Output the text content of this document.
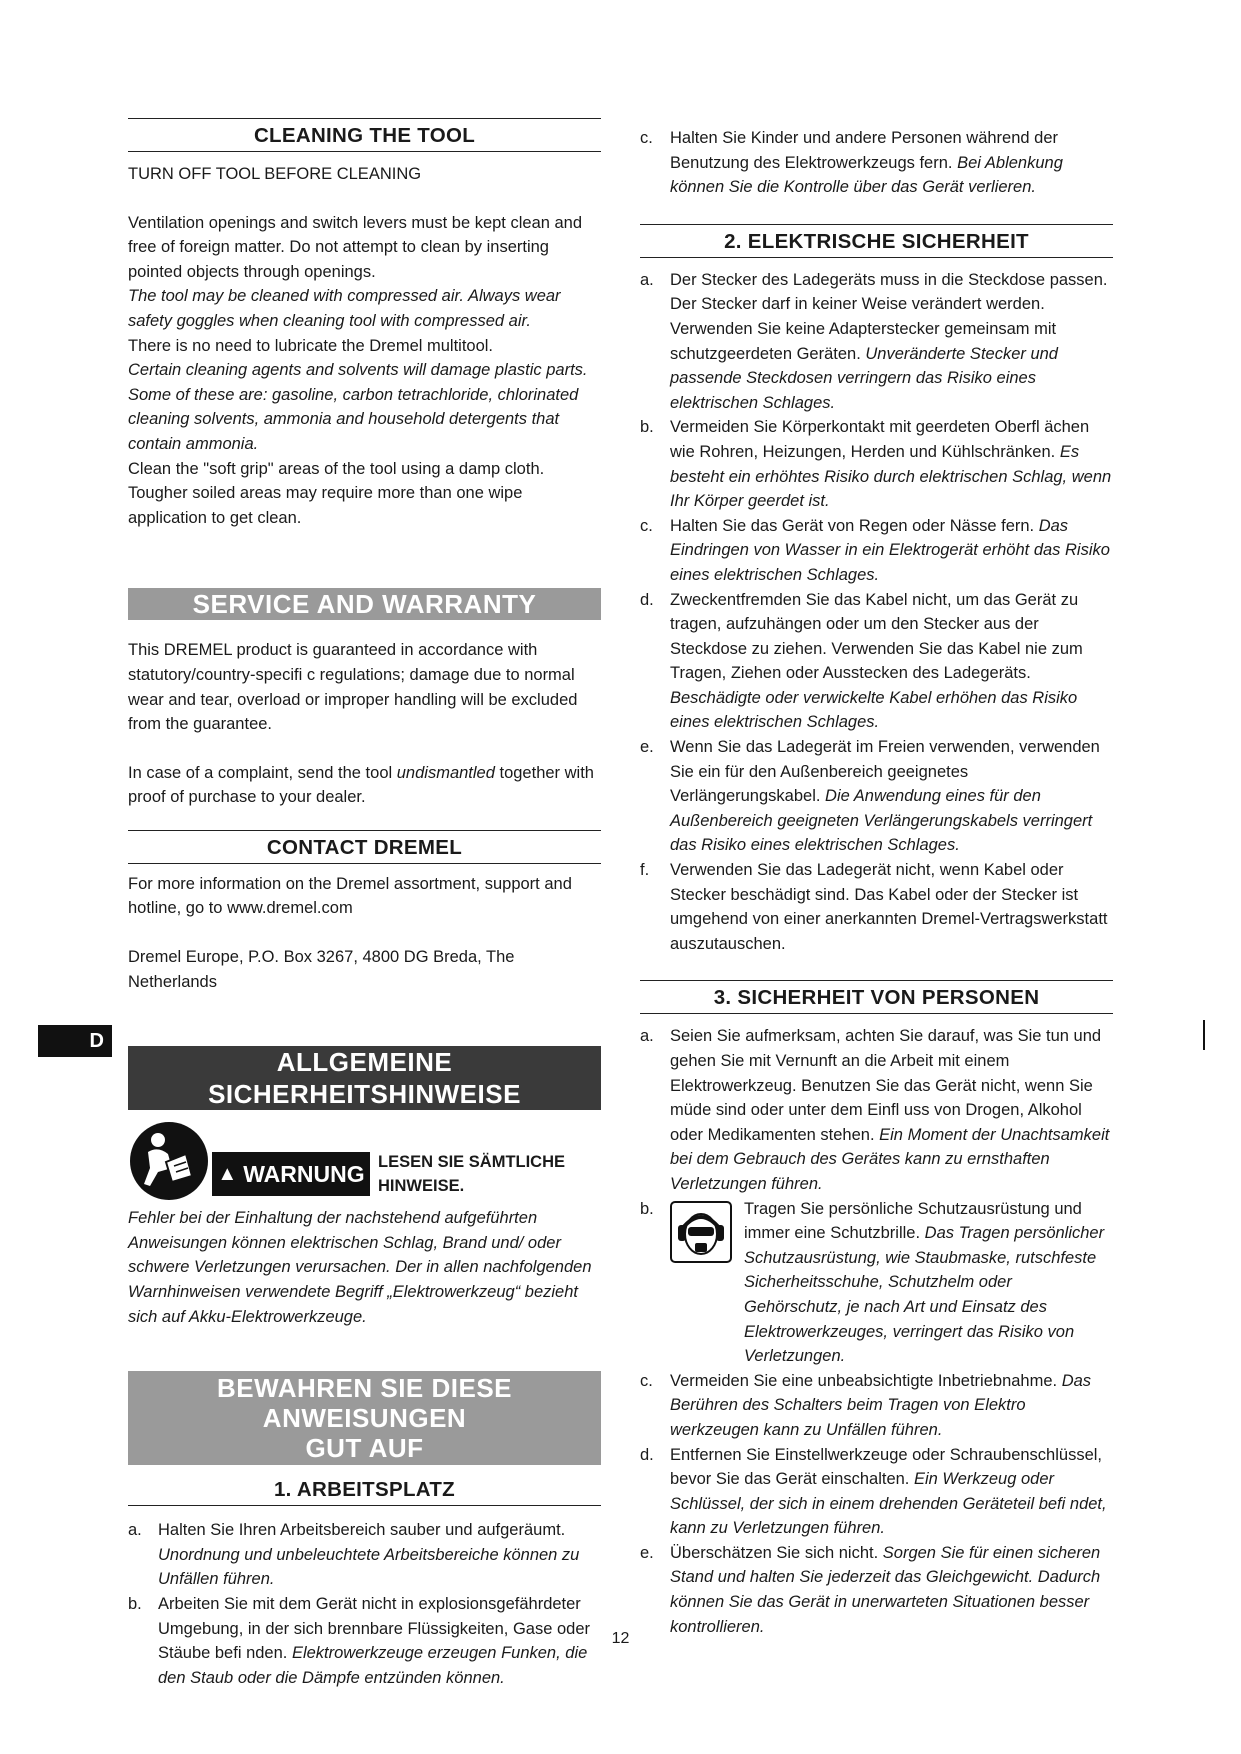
CLEANING THE TOOL

TURN OFF TOOL BEFORE CLEANING

Ventilation openings and switch levers must be kept clean and free of foreign matter. Do not attempt to clean by inserting pointed objects through openings.

The tool may be cleaned with compressed air. Always wear safety goggles when cleaning tool with compressed air.

There is no need to lubricate the Dremel multitool.

Certain cleaning agents and solvents will damage plastic parts. Some of these are: gasoline, carbon tetrachloride, chlorinated cleaning solvents, ammonia and household detergents that contain ammonia.

Clean the "soft grip" areas of the tool using a damp cloth. Tougher soiled areas may require more than one wipe application to get clean.

SERVICE AND WARRANTY

This DREMEL product is guaranteed in accordance with statutory/country-specifi c regulations; damage due to normal wear and tear, overload or improper handling will be excluded from the guarantee.

In case of a complaint, send the tool undismantled together with proof of purchase to your dealer.

CONTACT DREMEL

For more information on the Dremel assortment, support and hotline, go to www.dremel.com

Dremel Europe, P.O. Box 3267, 4800 DG Breda, The Netherlands

ALLGEMEINE SICHERHEITSHINWEISE
▲ WARNUNG LESEN SIE SÄMTLICHE HINWEISE.

Fehler bei der Einhaltung der nachstehend aufgeführten Anweisungen können elektrischen Schlag, Brand und/ oder schwere Verletzungen verursachen. Der in allen nachfolgenden Warnhinweisen verwendete Begriff „Elektrowerkzeug“ bezieht sich auf Akku-Elektrowerkzeuge.

BEWAHREN SIE DIESE ANWEISUNGEN
GUT AUF
1. ARBEITSPLATZ
a. Halten Sie Ihren Arbeitsbereich sauber und aufgeräumt. Unordnung und unbeleuchtete Arbeitsbereiche können zu Unfällen führen.
b. Arbeiten Sie mit dem Gerät nicht in explosionsgefährdeter Umgebung, in der sich brennbare Flüssigkeiten, Gase oder Stäube befi nden. Elektrowerkzeuge erzeugen Funken, die den Staub oder die Dämpfe entzünden können.
D
c.	Halten Sie Kinder und andere Personen während der Benutzung des Elektrowerkzeugs fern. Bei Ablenkung können Sie die Kontrolle über das Gerät verlieren.
2. ELEKTRISCHE SICHERHEIT
a. Der Stecker des Ladegeräts muss in die Steckdose passen. Der Stecker darf in keiner Weise verändert werden. Verwenden Sie keine Adapterstecker gemeinsam mit schutzgeerdeten Geräten. Unveränderte Stecker und passende Steckdosen verringern das Risiko eines elektrischen Schlages.
b. Vermeiden Sie Körperkontakt mit geerdeten Oberfl ächen wie Rohren, Heizungen, Herden und Kühlschränken. Es besteht ein erhöhtes Risiko durch elektrischen Schlag, wenn Ihr Körper geerdet ist.
c.	Halten Sie das Gerät von Regen oder Nässe fern. Das Eindringen von Wasser in ein Elektrogerät erhöht das Risiko eines elektrischen Schlages.
d. Zweckentfremden Sie das Kabel nicht, um das Gerät zu tragen, aufzuhängen oder um den Stecker aus der Steckdose zu ziehen. Verwenden Sie das Kabel nie zum Tragen, Ziehen oder Ausstecken des Ladegeräts. Beschädigte oder verwickelte Kabel erhöhen das Risiko eines elektrischen Schlages.
e. Wenn Sie das Ladegerät im Freien verwenden, verwenden Sie ein für den Außenbereich geeignetes Verlängerungskabel. Die Anwendung eines für den Außenbereich geeigneten Verlängerungskabels verringert das Risiko eines elektrischen Schlages.
f.	Verwenden Sie das Ladegerät nicht, wenn Kabel oder Stecker beschädigt sind. Das Kabel oder der Stecker ist umgehend von einer anerkannten Dremel-Vertragswerkstatt auszutauschen.
3. SICHERHEIT VON PERSONEN
a. Seien Sie aufmerksam, achten Sie darauf, was Sie tun und gehen Sie mit Vernunft an die Arbeit mit einem Elektrowerkzeug. Benutzen Sie das Gerät nicht, wenn Sie müde sind oder unter dem Einfl uss von Drogen, Alkohol oder Medikamenten stehen. Ein Moment der Unachtsamkeit bei dem Gebrauch des Gerätes kann zu ernsthaften Verletzungen führen.
b.	Tragen Sie persönliche Schutzausrüstung und immer eine Schutzbrille. Das Tragen persönlicher Schutzausrüstung, wie Staubmaske, rutschfeste Sicherheitsschuhe, Schutzhelm oder Gehörschutz, je nach Art und Einsatz des Elektrowerkzeuges, verringert das Risiko von Verletzungen.
c.	Vermeiden Sie eine unbeabsichtigte Inbetriebnahme. Das Berühren des Schalters beim Tragen von Elektro werkzeugen kann zu Unfällen führen.
d. Entfernen Sie Einstellwerkzeuge oder Schraubenschlüssel, bevor Sie das Gerät einschalten. Ein Werkzeug oder Schlüssel, der sich in einem drehenden Geräteteil befi ndet, kann zu Verletzungen führen.
e. Überschätzen Sie sich nicht. Sorgen Sie für einen sicheren Stand und halten Sie jederzeit das Gleichgewicht. Dadurch können Sie das Gerät in unerwarteten Situationen besser kontrollieren.
12
